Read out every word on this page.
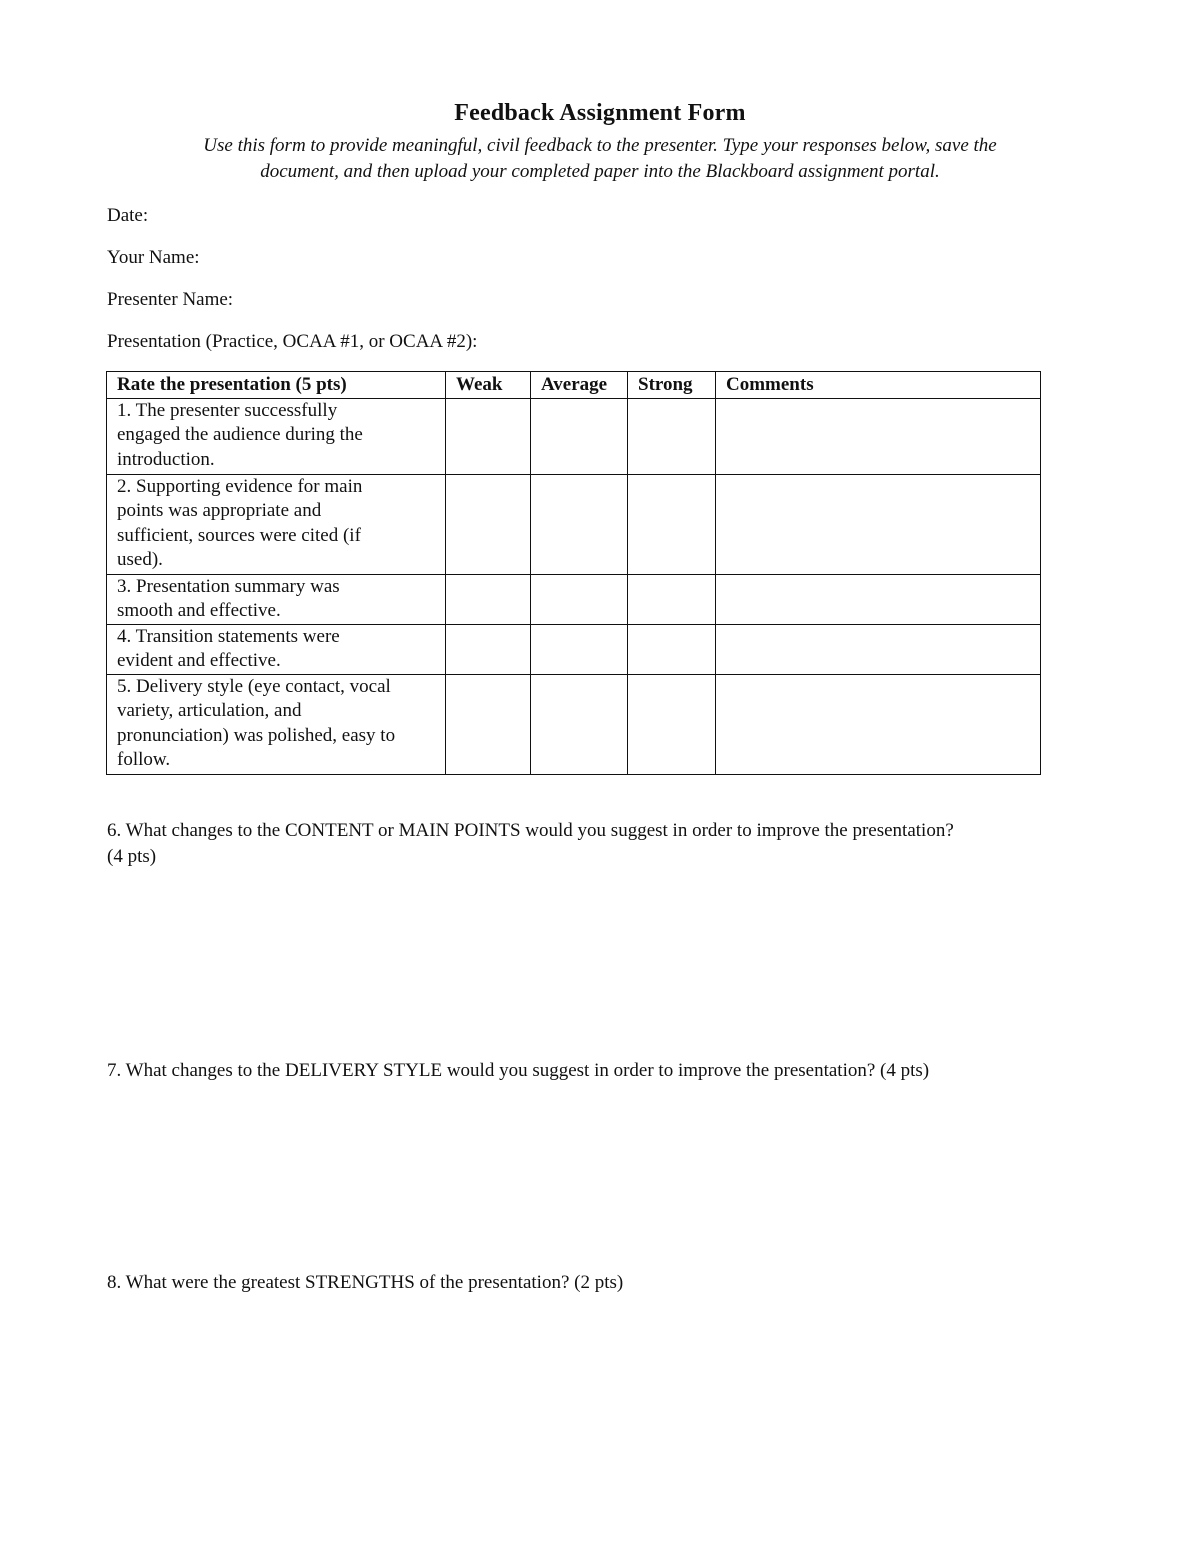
Feedback Assignment Form
Use this form to provide meaningful, civil feedback to the presenter. Type your responses below, save the
document, and then upload your completed paper into the Blackboard assignment portal.
Date:
Your Name:
Presenter Name:
Presentation (Practice, OCAA #1, or OCAA #2):
Rate the presentation (5 pts)	Weak	Average	Strong	Comments

1. The presenter successfully
engaged the audience during the
introduction.				

2. Supporting evidence for main
points was appropriate and
sufficient, sources were cited (if
used).				

3. Presentation summary was
smooth and effective.				

4. Transition statements were
evident and effective.				

5. Delivery style (eye contact, vocal
variety, articulation, and
pronunciation) was polished, easy to
follow.				

6. What changes to the CONTENT or MAIN POINTS would you suggest in order to improve the presentation?
(4 pts)
7. What changes to the DELIVERY STYLE would you suggest in order to improve the presentation? (4 pts)
8. What were the greatest STRENGTHS of the presentation? (2 pts)
